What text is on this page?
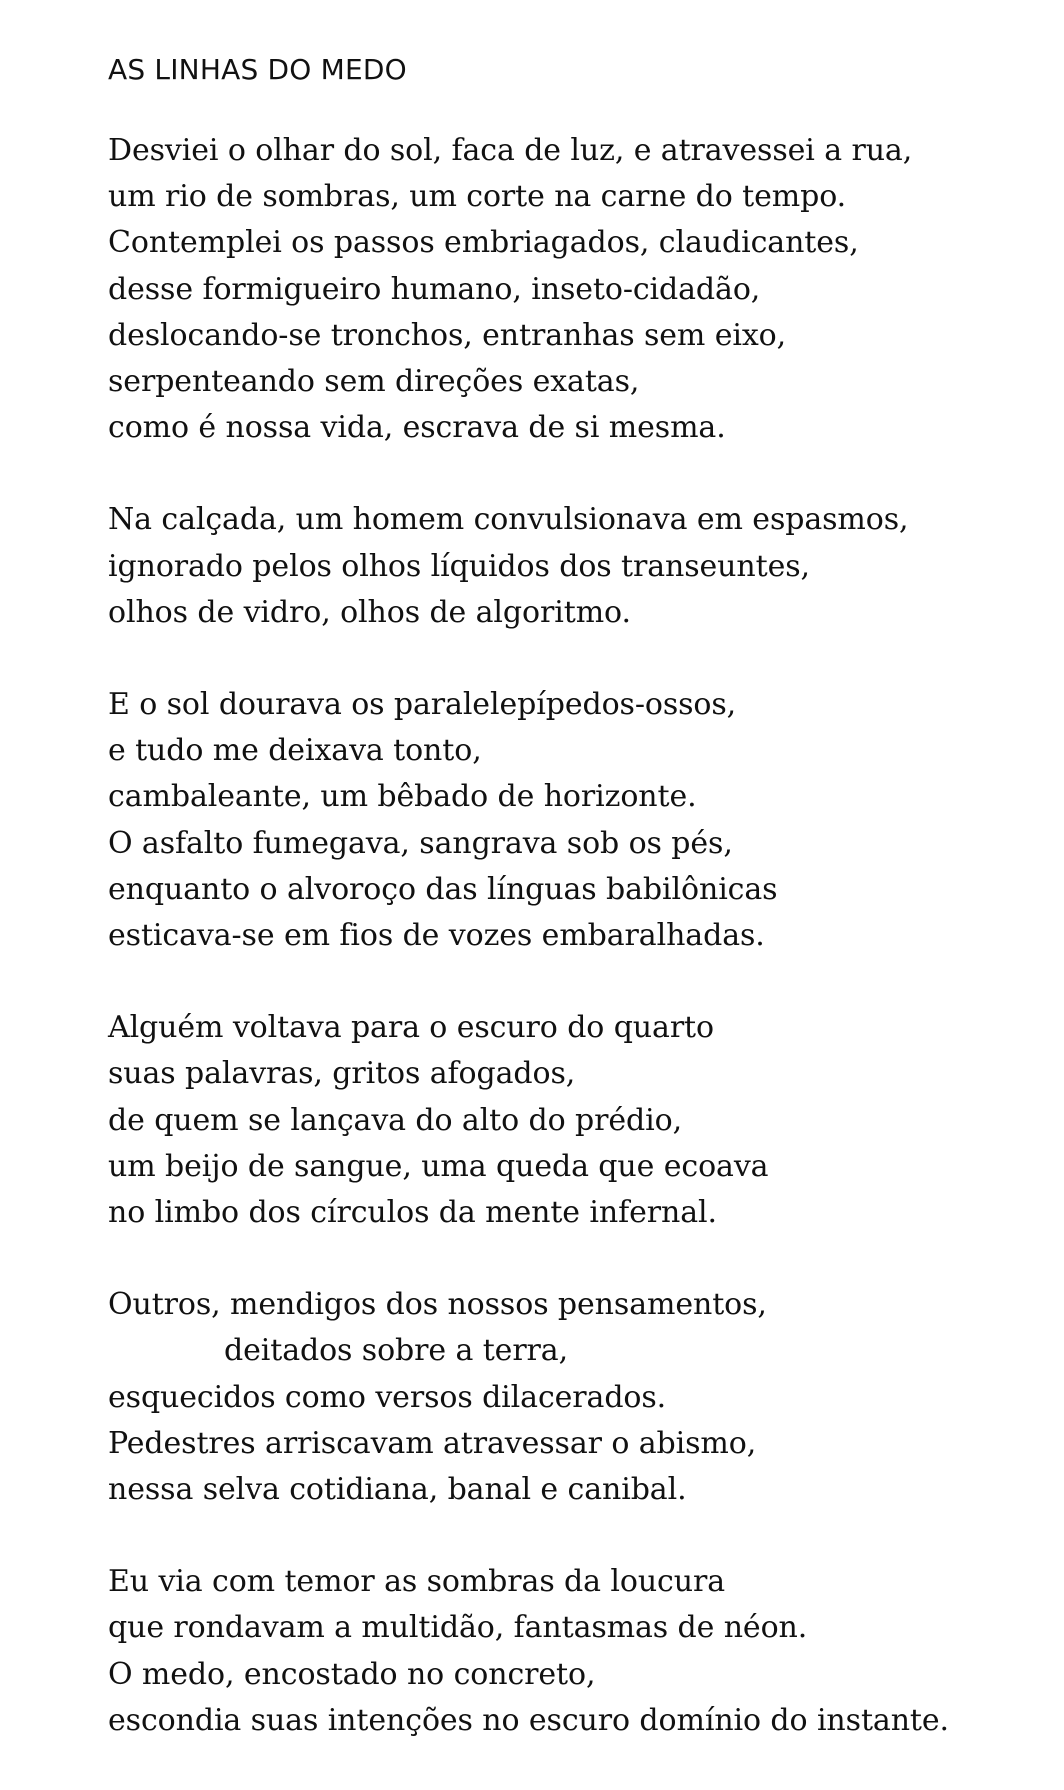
AS LINHAS DO MEDO
Desviei o olhar do sol, faca de luz, e atravessei a rua,
um rio de sombras, um corte na carne do tempo.
Contemplei os passos embriagados, claudicantes,
desse formigueiro humano, inseto-cidadão,
deslocando-se tronchos, entranhas sem eixo,
serpenteando sem direções exatas,
como é nossa vida, escrava de si mesma.
Na calçada, um homem convulsionava em espasmos,
ignorado pelos olhos líquidos dos transeuntes,
olhos de vidro, olhos de algoritmo.
E o sol dourava os paralelepípedos-ossos,
e tudo me deixava tonto,
cambaleante, um bêbado de horizonte.
O asfalto fumegava, sangrava sob os pés,
enquanto o alvoroço das línguas babilônicas
esticava-se em fios de vozes embaralhadas.
Alguém voltava para o escuro do quarto
suas palavras, gritos afogados,
de quem se lançava do alto do prédio,
um beijo de sangue, uma queda que ecoava
no limbo dos círculos da mente infernal.
Outros, mendigos dos nossos pensamentos,
deitados sobre a terra,
esquecidos como versos dilacerados.
Pedestres arriscavam atravessar o abismo,
nessa selva cotidiana, banal e canibal.
Eu via com temor as sombras da loucura
que rondavam a multidão, fantasmas de néon.
O medo, encostado no concreto,
escondia suas intenções no escuro domínio do instante.
